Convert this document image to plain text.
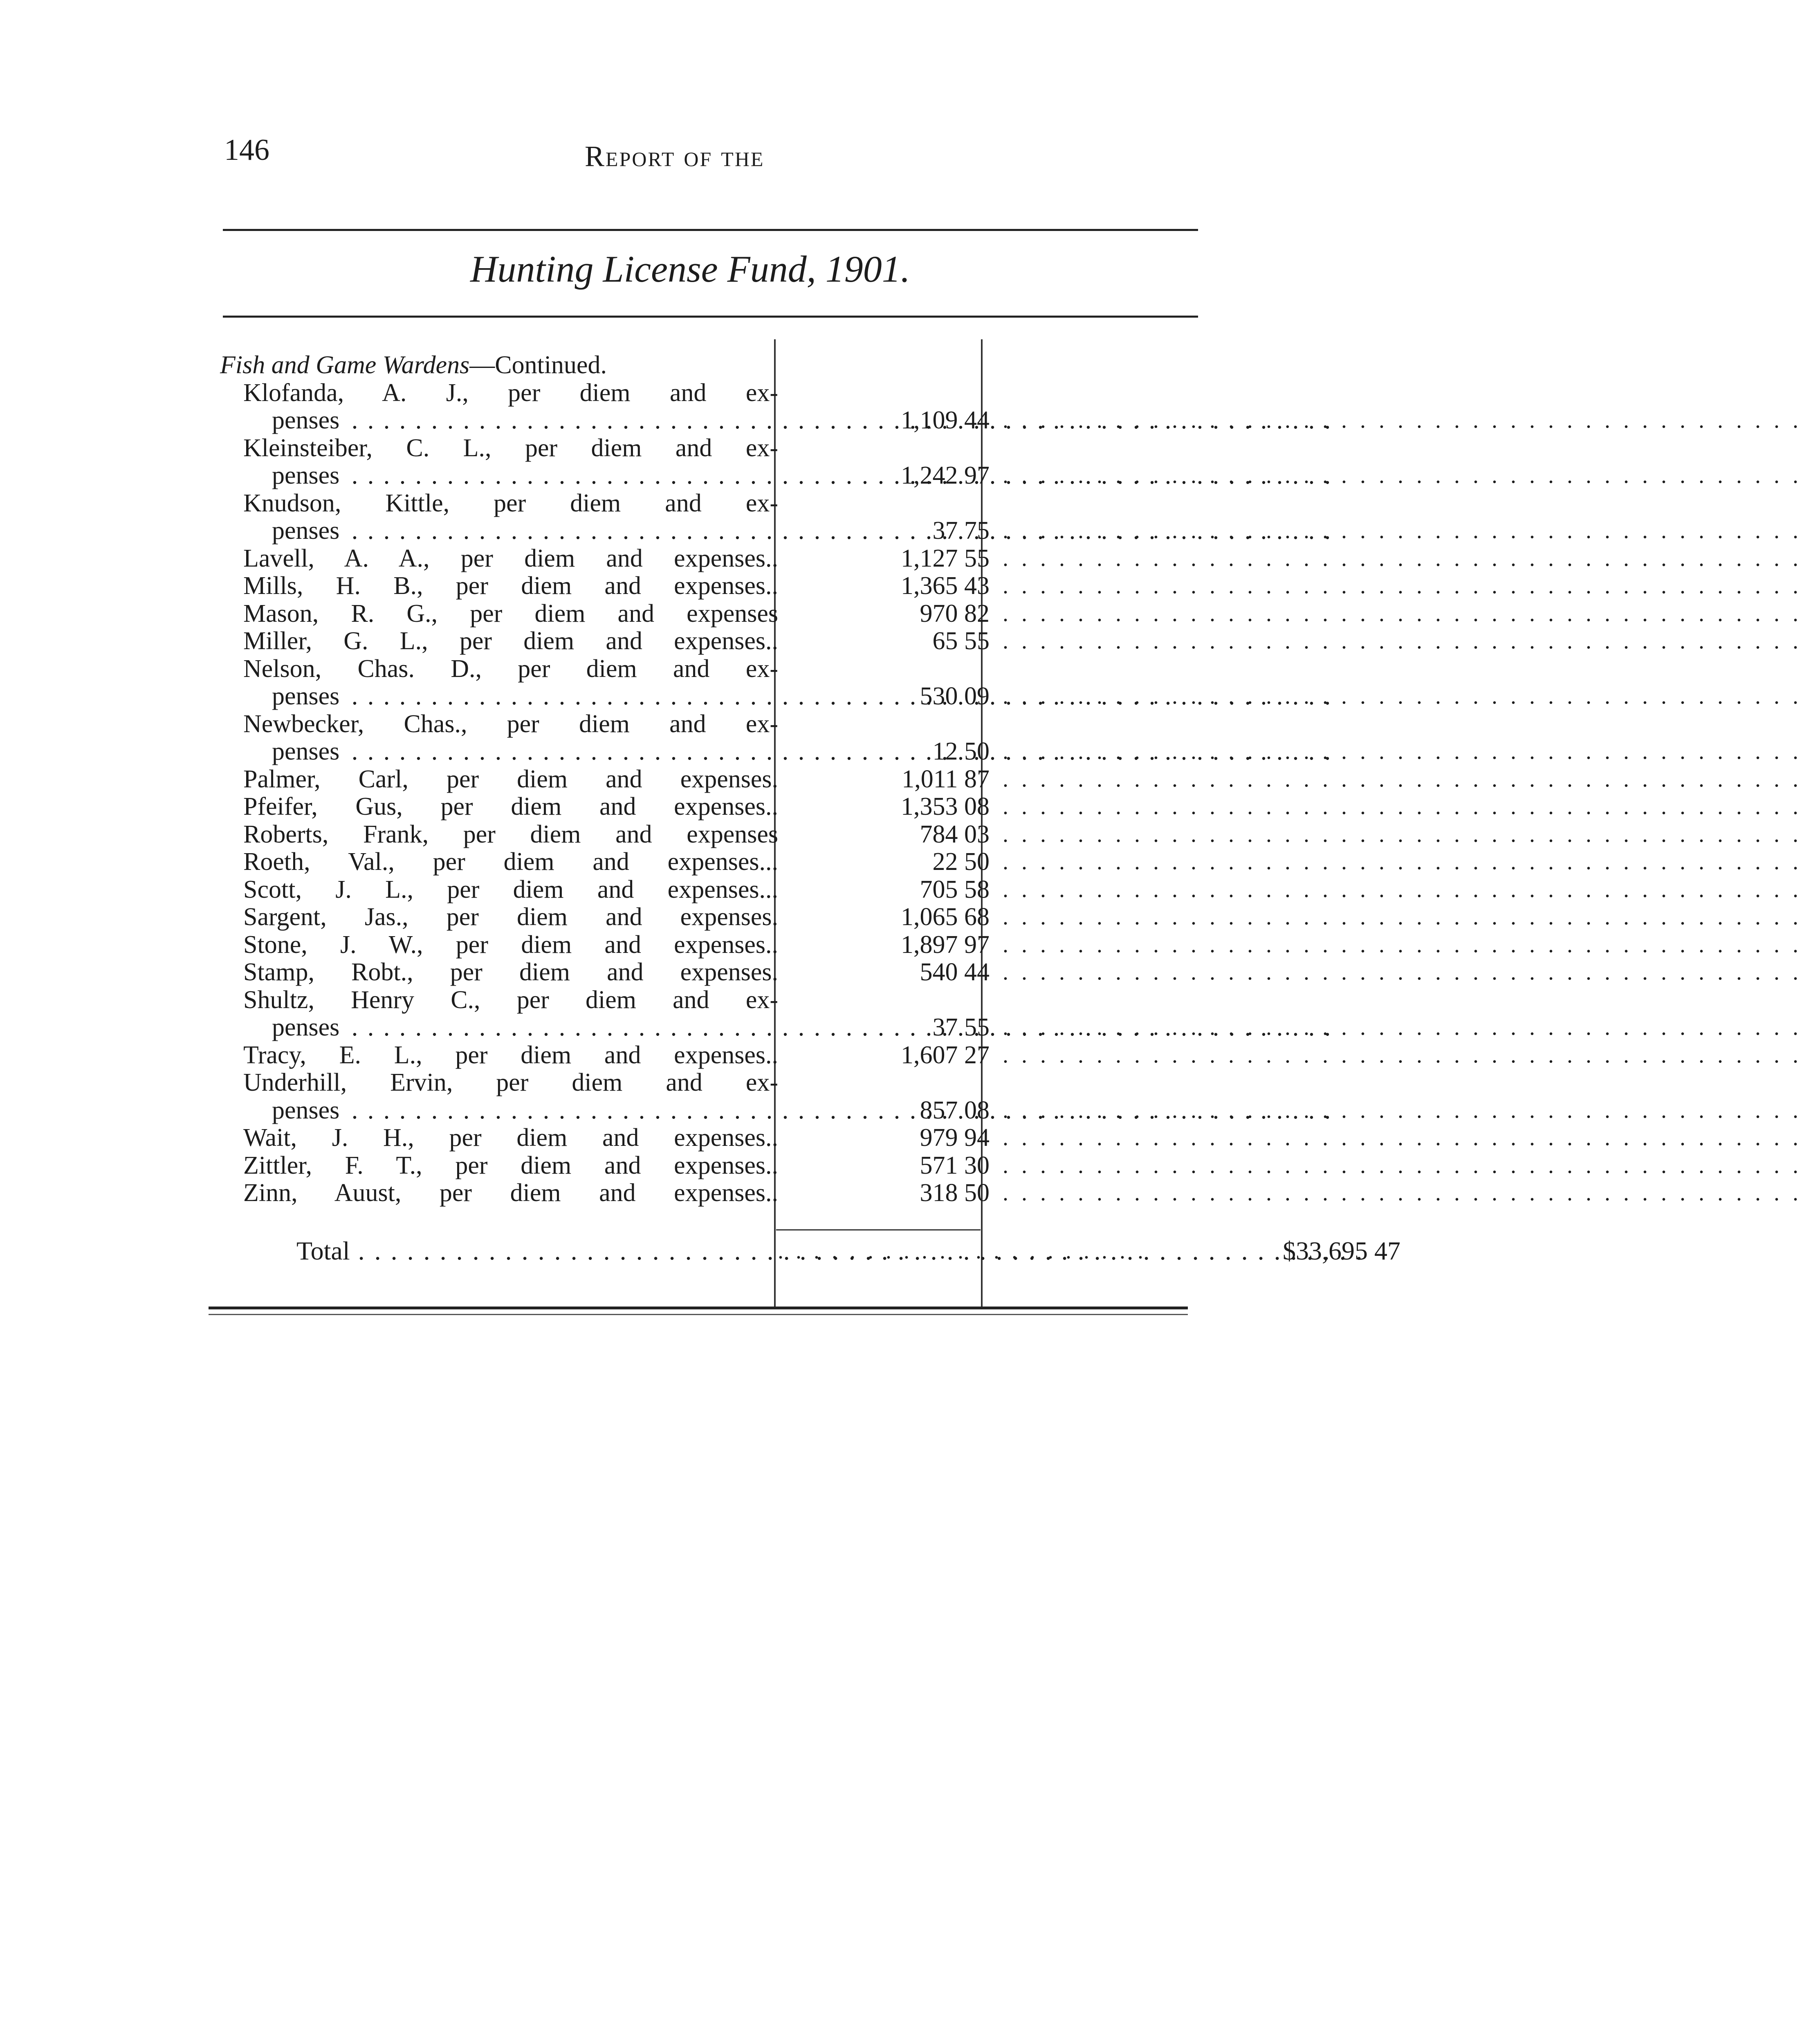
146	Report of the
Hunting License Fund, 1901.
Fish and Game Wardens—Continued.
Klofanda, A. J., per diem and ex-
penses . . .	1,109 44 . . . . . . . . . . . . . . . . . . . . . . . . . . . . . . . . . . . . . . . . . . .
Kleinsteiber, C. L., per diem and ex-
penses . . .	1,242 97 . . . . . . . . . . . . . . . . . . . . . . . . . . . . . . . . . . . . . . . . . . .
Knudson, Kittle, per diem and ex-
penses . . .	37 75 . . . . . . . . . . . . . . . . . . . . . . . . . . . . . . . . . . . . . . . . . . .
Lavell, A. A., per diem and expenses..	1,127 55 . . . . . . . . . . . . . . . . . . . . . . . . . . . . . . . . . . . . . . . . . . .
Mills, H. B., per diem and expenses..	1,365 43 . . . . . . . . . . . . . . . . . . . . . . . . . . . . . . . . . . . . . . . . . . .
Mason, R. G., per diem and expenses	970 82 . . . . . . . . . . . . . . . . . . . . . . . . . . . . . . . . . . . . . . . . . . .
Miller, G. L., per diem and expenses..	65 55 . . . . . . . . . . . . . . . . . . . . . . . . . . . . . . . . . . . . . . . . . . .
Nelson, Chas. D., per diem and ex-
penses . . .	530 09 . . . . . . . . . . . . . . . . . . . . . . . . . . . . . . . . . . . . . . . . . . .
Newbecker, Chas., per diem and ex-
penses . . .	12 50 . . . . . . . . . . . . . . . . . . . . . . . . . . . . . . . . . . . . . . . . . . .
Palmer, Carl, per diem and expenses.	1,011 87 . . . . . . . . . . . . . . . . . . . . . . . . . . . . . . . . . . . . . . . . . . .
Pfeifer, Gus, per diem and expenses..	1,353 08 . . . . . . . . . . . . . . . . . . . . . . . . . . . . . . . . . . . . . . . . . . .
Roberts, Frank, per diem and expenses	784 03 . . . . . . . . . . . . . . . . . . . . . . . . . . . . . . . . . . . . . . . . . . .
Roeth, Val., per diem and expenses...	22 50 . . . . . . . . . . . . . . . . . . . . . . . . . . . . . . . . . . . . . . . . . . .
Scott, J. L., per diem and expenses...	705 58 . . . . . . . . . . . . . . . . . . . . . . . . . . . . . . . . . . . . . . . . . . .
Sargent, Jas., per diem and expenses.	1,065 68 . . . . . . . . . . . . . . . . . . . . . . . . . . . . . . . . . . . . . . . . . . .
Stone, J. W., per diem and expenses..	1,897 97 . . . . . . . . . . . . . . . . . . . . . . . . . . . . . . . . . . . . . . . . . . .
Stamp, Robt., per diem and expenses.	540 44 . . . . . . . . . . . . . . . . . . . . . . . . . . . . . . . . . . . . . . . . . . .
Shultz, Henry C., per diem and ex-
penses . . .	37 55 . . . . . . . . . . . . . . . . . . . . . . . . . . . . . . . . . . . . . . . . . . .
Tracy, E. L., per diem and expenses..	1,607 27 . . . . . . . . . . . . . . . . . . . . . . . . . . . . . . . . . . . . . . . . . . .
Underhill, Ervin, per diem and ex-
penses . . .	857 08 . . . . . . . . . . . . . . . . . . . . . . . . . . . . . . . . . . . . . . . . . . .
Wait, J. H., per diem and expenses..	979 94 . . . . . . . . . . . . . . . . . . . . . . . . . . . . . . . . . . . . . . . . . . .
Zittler, F. T., per diem and expenses..	571 30 . . . . . . . . . . . . . . . . . . . . . . . . . . . . . . . . . . . . . . . . . . .
Zinn, Auust, per diem and expenses..	318 50 . . . . . . . . . . . . . . . . . . . . . . . . . . . . . . . . . . . . . . . . . . .
Total . . .	. . . . . . . . . . . . . . . . . . . . .	$33,695 47
